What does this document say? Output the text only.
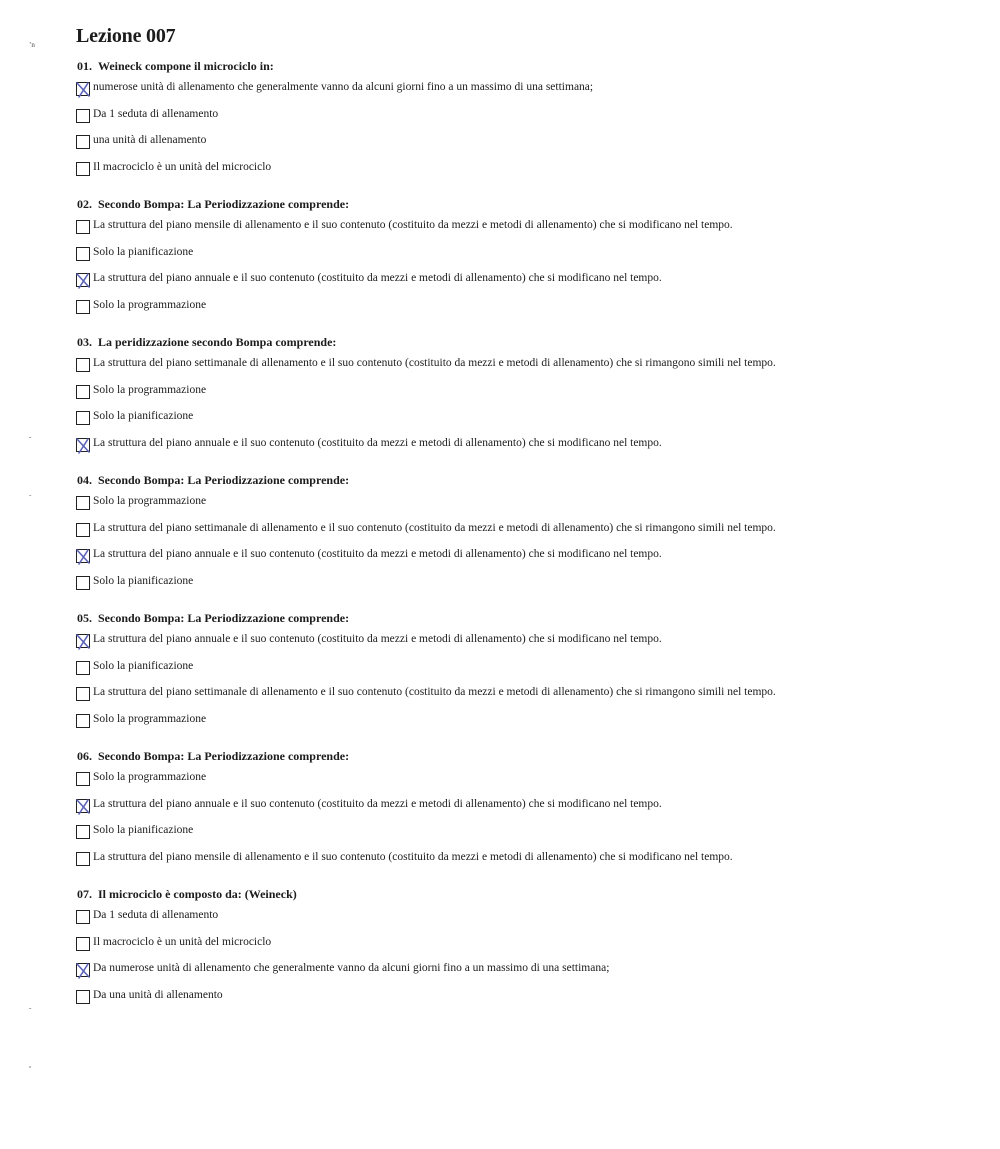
ʼn
ˇ
ˉ
ˆ
ˣ
Lezione 007
01. Weineck compone il microciclo in:
numerose unità di allenamento che generalmente vanno da alcuni giorni fino a un massimo di una settimana;
Da 1 seduta di allenamento
una unità di allenamento
Il macrociclo è un unità del microciclo
02. Secondo Bompa: La Periodizzazione comprende:
La struttura del piano mensile di allenamento e il suo contenuto (costituito da mezzi e metodi di allenamento) che si modificano nel tempo.
Solo la pianificazione
La struttura del piano annuale e il suo contenuto (costituito da mezzi e metodi di allenamento) che si modificano nel tempo.
Solo la programmazione
03. La peridizzazione secondo Bompa comprende:
La struttura del piano settimanale di allenamento e il suo contenuto (costituito da mezzi e metodi di allenamento) che si rimangono simili nel tempo.
Solo la programmazione
Solo la pianificazione
La struttura del piano annuale e il suo contenuto (costituito da mezzi e metodi di allenamento) che si modificano nel tempo.
04. Secondo Bompa: La Periodizzazione comprende:
Solo la programmazione
La struttura del piano settimanale di allenamento e il suo contenuto (costituito da mezzi e metodi di allenamento) che si rimangono simili nel tempo.
La struttura del piano annuale e il suo contenuto (costituito da mezzi e metodi di allenamento) che si modificano nel tempo.
Solo la pianificazione
05. Secondo Bompa: La Periodizzazione comprende:
La struttura del piano annuale e il suo contenuto (costituito da mezzi e metodi di allenamento) che si modificano nel tempo.
Solo la pianificazione
La struttura del piano settimanale di allenamento e il suo contenuto (costituito da mezzi e metodi di allenamento) che si rimangono simili nel tempo.
Solo la programmazione
06. Secondo Bompa: La Periodizzazione comprende:
Solo la programmazione
La struttura del piano annuale e il suo contenuto (costituito da mezzi e metodi di allenamento) che si modificano nel tempo.
Solo la pianificazione
La struttura del piano mensile di allenamento e il suo contenuto (costituito da mezzi e metodi di allenamento) che si modificano nel tempo.
07. Il microciclo è composto da: (Weineck)
Da 1 seduta di allenamento
Il macrociclo è un unità del microciclo
Da numerose unità di allenamento che generalmente vanno da alcuni giorni fino a un massimo di una settimana;
Da una unità di allenamento
